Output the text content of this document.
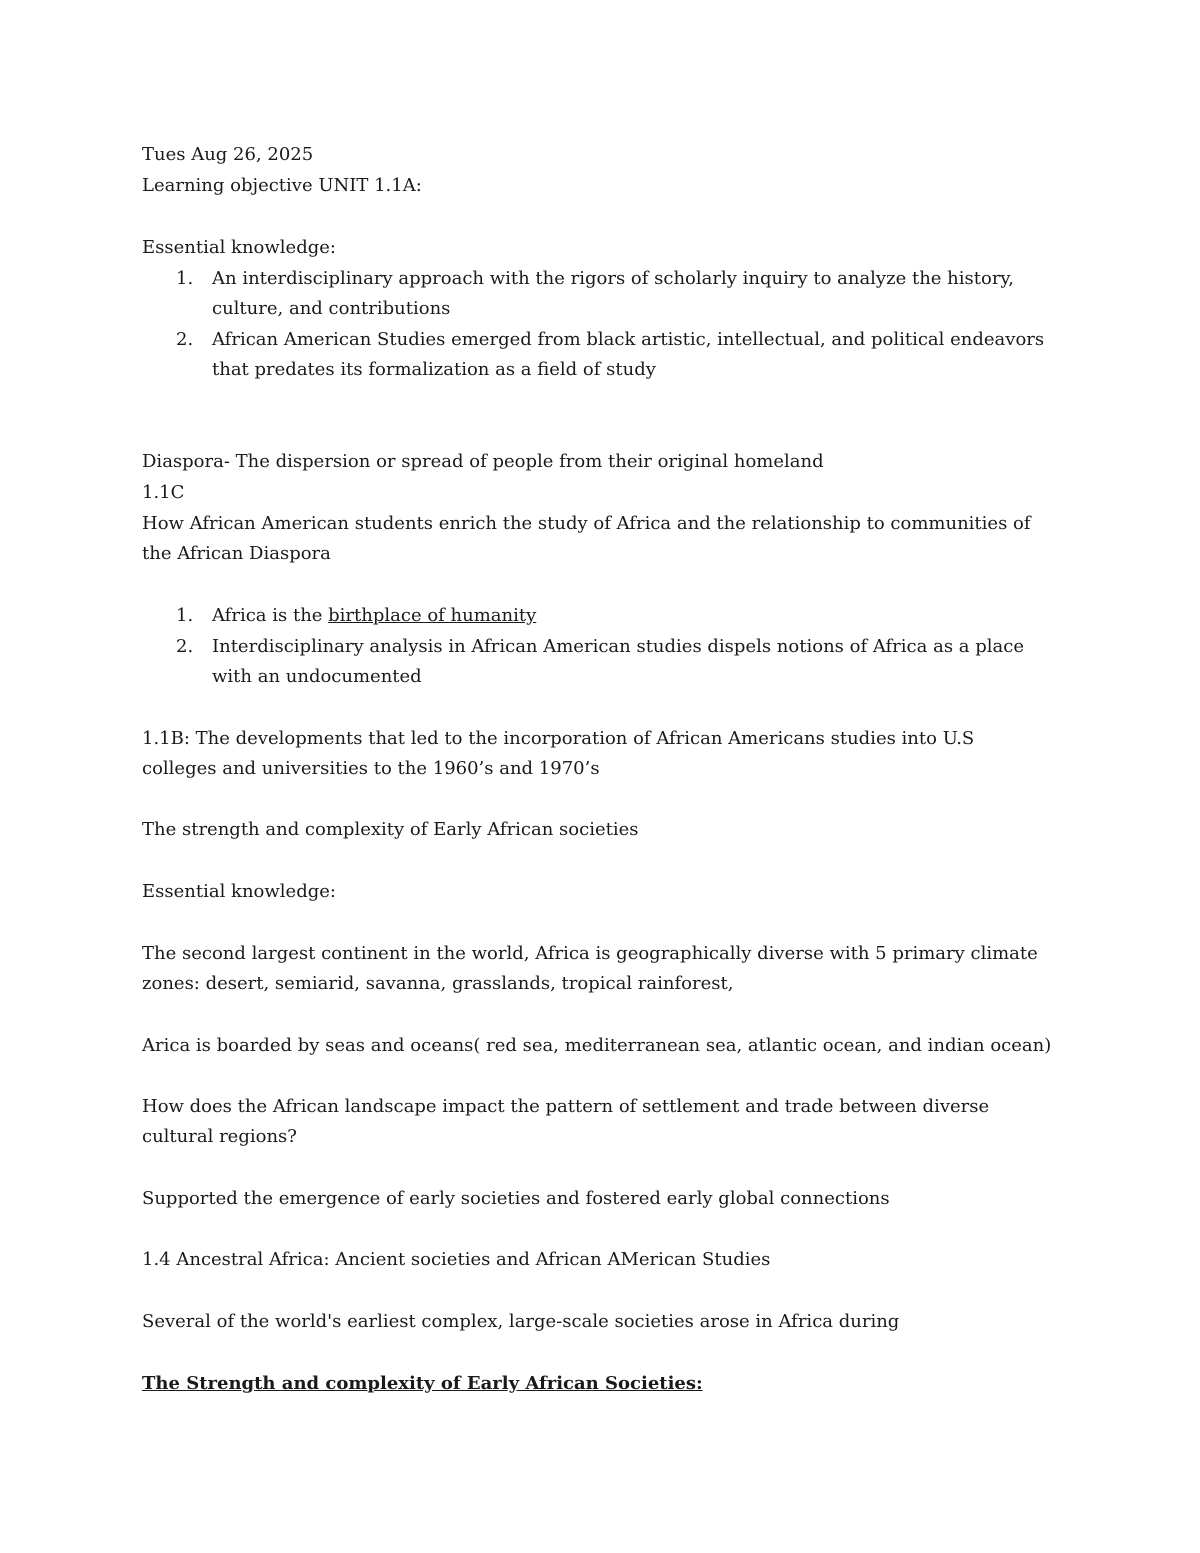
Tues Aug 26, 2025
Learning objective UNIT 1.1A:
Essential knowledge:
1. An interdisciplinary approach with the rigors of scholarly inquiry to analyze the history,
culture, and contributions
2. African American Studies emerged from black artistic, intellectual, and political endeavors
that predates its formalization as a field of study
Diaspora- The dispersion or spread of people from their original homeland
1.1C
How African American students enrich the study of Africa and the relationship to communities of
the African Diaspora
1. Africa is the birthplace of humanity
2. Interdisciplinary analysis in African American studies dispels notions of Africa as a place
with an undocumented
1.1B: The developments that led to the incorporation of African Americans studies into U.S
colleges and universities to the 1960’s and 1970’s
The strength and complexity of Early African societies
Essential knowledge:
The second largest continent in the world, Africa is geographically diverse with 5 primary climate
zones: desert, semiarid, savanna, grasslands, tropical rainforest,
Arica is boarded by seas and oceans( red sea, mediterranean sea, atlantic ocean, and indian ocean)
How does the African landscape impact the pattern of settlement and trade between diverse
cultural regions?
Supported the emergence of early societies and fostered early global connections
1.4 Ancestral Africa: Ancient societies and African AMerican Studies
Several of the world's earliest complex, large-scale societies arose in Africa during
The Strength and complexity of Early African Societies:
